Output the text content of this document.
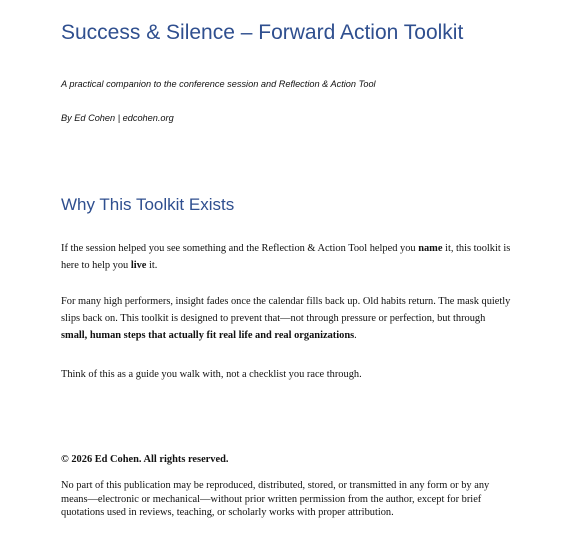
Success & Silence – Forward Action Toolkit
A practical companion to the conference session and Reflection & Action Tool
By Ed Cohen | edcohen.org
Why This Toolkit Exists

If the session helped you see something and the Reflection & Action Tool helped you name it, this toolkit is here to help you live it.

For many high performers, insight fades once the calendar fills back up. Old habits return. The mask quietly slips back on. This toolkit is designed to prevent that—not through pressure or perfection, but through small, human steps that actually fit real life and real organizations.

Think of this as a guide you walk with, not a checklist you race through.

© 2026 Ed Cohen. All rights reserved.

No part of this publication may be reproduced, distributed, stored, or transmitted in any form or by any means—electronic or mechanical—without prior written permission from the author, except for brief quotations used in reviews, teaching, or scholarly works with proper attribution.
